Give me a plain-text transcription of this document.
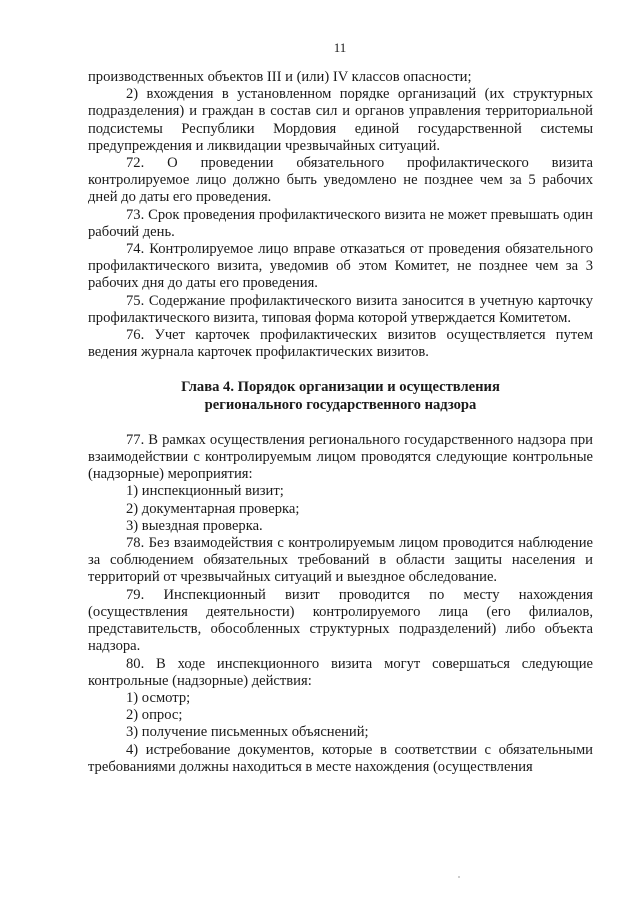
11

производственных объектов III и (или) IV классов опасности;

2) вхождения в установленном порядке организаций (их структурных подразделения) и граждан в состав сил и органов управления территориальной подсистемы Республики Мордовия единой государственной системы предупреждения и ликвидации чрезвычайных ситуаций.

72. О проведении обязательного профилактического визита контролируемое лицо должно быть уведомлено не позднее чем за 5 рабочих дней до даты его проведения.

73. Срок проведения профилактического визита не может превышать один рабочий день.

74. Контролируемое лицо вправе отказаться от проведения обязательного профилактического визита, уведомив об этом Комитет, не позднее чем за 3 рабочих дня до даты его проведения.

75. Содержание профилактического визита заносится в учетную карточку профилактического визита, типовая форма которой утверждается Комитетом.

76. Учет карточек профилактических визитов осуществляется путем ведения журнала карточек профилактических визитов.

Глава 4. Порядок организации и осуществления
регионального государственного надзора

77. В рамках осуществления регионального государственного надзора при взаимодействии с контролируемым лицом проводятся следующие контрольные (надзорные) мероприятия:

1) инспекционный визит;

2) документарная проверка;

3) выездная проверка.

78. Без взаимодействия с контролируемым лицом проводится наблюдение за соблюдением обязательных требований в области защиты населения и территорий от чрезвычайных ситуаций и выездное обследование.

79. Инспекционный визит проводится по месту нахождения (осуществления деятельности) контролируемого лица (его филиалов, представительств, обособленных структурных подразделений) либо объекта надзора.

80. В ходе инспекционного визита могут совершаться следующие контрольные (надзорные) действия:

1) осмотр;

2) опрос;

3) получение письменных объяснений;

4) истребование документов, которые в соответствии с обязательными требованиями должны находиться в месте нахождения (осуществления
